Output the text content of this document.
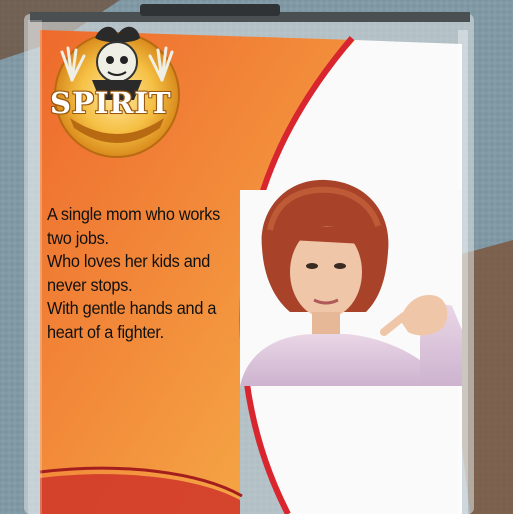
SPIRIT
A single mom who works
two jobs.
Who loves her kids and
never stops.
With gentle hands and a
heart of a fighter.
